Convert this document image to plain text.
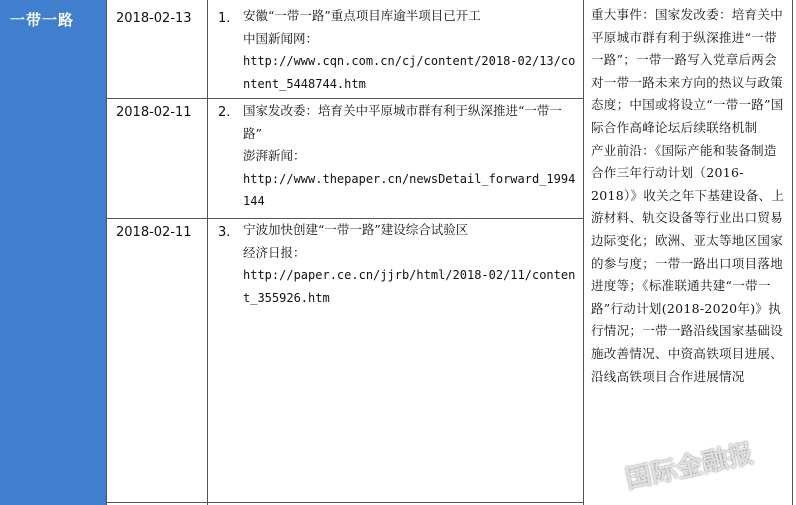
一带一路	2018-02-13 1. 安徽“一带一路”重点项目库逾半项目已开工
中国新闻网：
http://www.cqn.com.cn/cj/content/2018-02/13/content_5448744.htm
2018-02-11 2. 国家发改委：培育关中平原城市群有利于纵深推进“一带一路”
澎湃新闻：
http://www.thepaper.cn/newsDetail_forward_1994144
2018-02-11 3. 宁波加快创建“一带一路”建设综合试验区
经济日报：
http://paper.ce.cn/jjrb/html/2018-02/11/content_355926.htm
重大事件：国家发改委：培育关中平原城市群有利于纵深推进“一带一路”；一带一路写入党章后两会对一带一路未来方向的热议与政策态度；中国或将设立“一带一路”国际合作高峰论坛后续联络机制
产业前沿：《国际产能和装备制造合作三年行动计划（2016-2018）》收关之年下基建设备、上游材料、轨交设备等行业出口贸易边际变化；欧洲、亚太等地区国家的参与度；一带一路出口项目落地进度等；《标准联通共建“一带一路”行动计划(2018-2020年)》执行情况；一带一路沿线国家基础设施改善情况、中资高铁项目进展、沿线高铁项目合作进展情况
国际金融报
